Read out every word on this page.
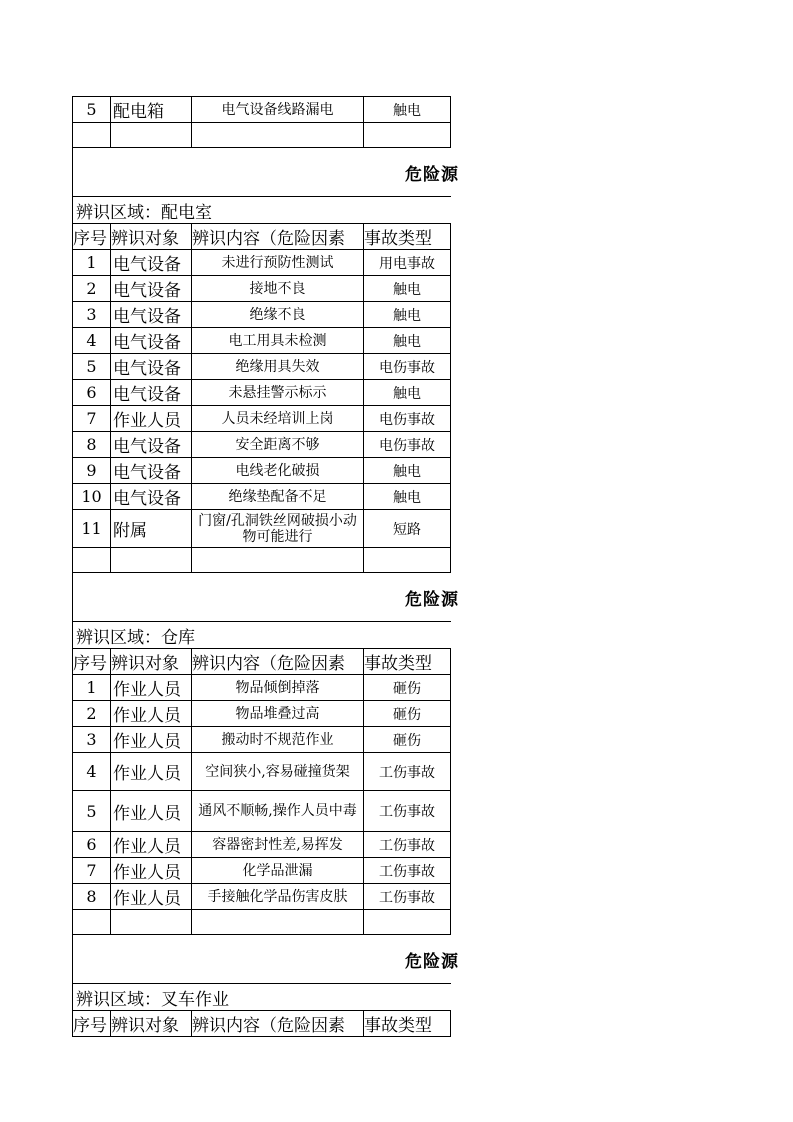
5	配电箱	电气设备线路漏电	触电

危险源			
辨识区域：配电室			
序号	辨识对象	辨识内容（危险因素	事故类型
1	电气设备	未进行预防性测试	用电事故
2	电气设备	接地不良	触电
3	电气设备	绝缘不良	触电
4	电气设备	电工用具未检测	触电
5	电气设备	绝缘用具失效	电伤事故
6	电气设备	未悬挂警示标示	触电
7	作业人员	人员未经培训上岗	电伤事故
8	电气设备	安全距离不够	电伤事故
9	电气设备	电线老化破损	触电
10	电气设备	绝缘垫配备不足	触电
11	附属	门窗/孔洞铁丝网破损小动物可能进行	短路

危险源			
辨识区域：仓库			
序号	辨识对象	辨识内容（危险因素	事故类型
1	作业人员	物品倾倒掉落	砸伤
2	作业人员	物品堆叠过高	砸伤
3	作业人员	搬动时不规范作业	砸伤
4	作业人员	空间狭小,容易碰撞货架	工伤事故
5	作业人员	通风不顺畅,操作人员中毒	工伤事故
6	作业人员	容器密封性差,易挥发	工伤事故
7	作业人员	化学品泄漏	工伤事故
8	作业人员	手接触化学品伤害皮肤	工伤事故

危险源			
辨识区域：叉车作业			
序号	辨识对象	辨识内容（危险因素	事故类型
